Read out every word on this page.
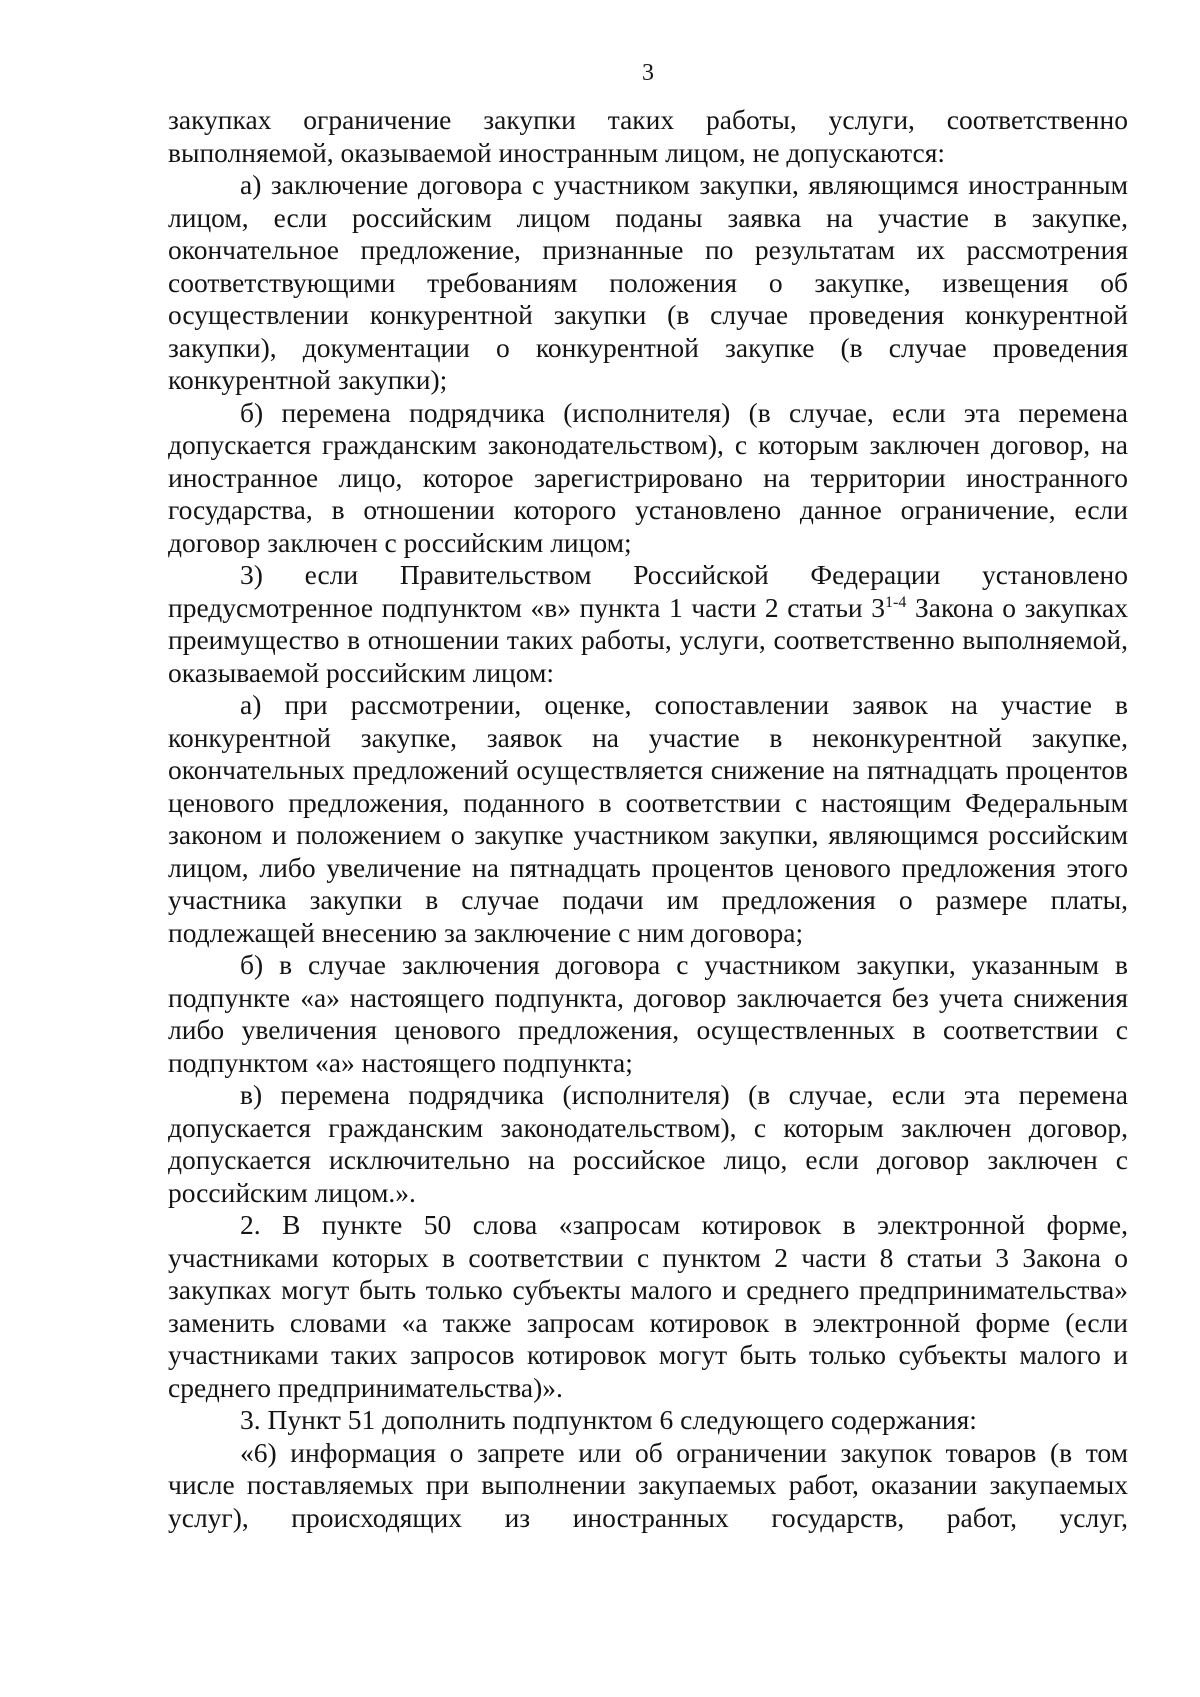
3

закупках ограничение закупки таких работы, услуги, соответственно выполняемой, оказываемой иностранным лицом, не допускаются:

а) заключение договора с участником закупки, являющимся иностранным лицом, если российским лицом поданы заявка на участие в закупке, окончательное предложение, признанные по результатам их рассмотрения соответствующими требованиям положения о закупке, извещения об осуществлении конкурентной закупки (в случае проведения конкурентной закупки), документации о конкурентной закупке (в случае проведения конкурентной закупки);

б) перемена подрядчика (исполнителя) (в случае, если эта перемена допускается гражданским законодательством), с которым заключен договор, на иностранное лицо, которое зарегистрировано на территории иностранного государства, в отношении которого установлено данное ограничение, если договор заключен с российским лицом;

3) если Правительством Российской Федерации установлено предусмотренное подпунктом «в» пункта 1 части 2 статьи 3$^{1-4}$ Закона о закупках преимущество в отношении таких работы, услуги, соответственно выполняемой, оказываемой российским лицом:

а) при рассмотрении, оценке, сопоставлении заявок на участие в конкурентной закупке, заявок на участие в неконкурентной закупке, окончательных предложений осуществляется снижение на пятнадцать процентов ценового предложения, поданного в соответствии с настоящим Федеральным законом и положением о закупке участником закупки, являющимся российским лицом, либо увеличение на пятнадцать процентов ценового предложения этого участника закупки в случае подачи им предложения о размере платы, подлежащей внесению за заключение с ним договора;

б) в случае заключения договора с участником закупки, указанным в подпункте «а» настоящего подпункта, договор заключается без учета снижения либо увеличения ценового предложения, осуществленных в соответствии с подпунктом «а» настоящего подпункта;

в) перемена подрядчика (исполнителя) (в случае, если эта перемена допускается гражданским законодательством), с которым заключен договор, допускается исключительно на российское лицо, если договор заключен с российским лицом.».

2. В пункте 50 слова «запросам котировок в электронной форме, участниками которых в соответствии с пунктом 2 части 8 статьи 3 Закона о закупках могут быть только субъекты малого и среднего предпринимательства» заменить словами «а также запросам котировок в электронной форме (если участниками таких запросов котировок могут быть только субъекты малого и среднего предпринимательства)».

3. Пункт 51 дополнить подпунктом 6 следующего содержания:

«6) информация о запрете или об ограничении закупок товаров (в том числе поставляемых при выполнении закупаемых работ, оказании закупаемых услуг), происходящих из иностранных государств, работ, услуг,
